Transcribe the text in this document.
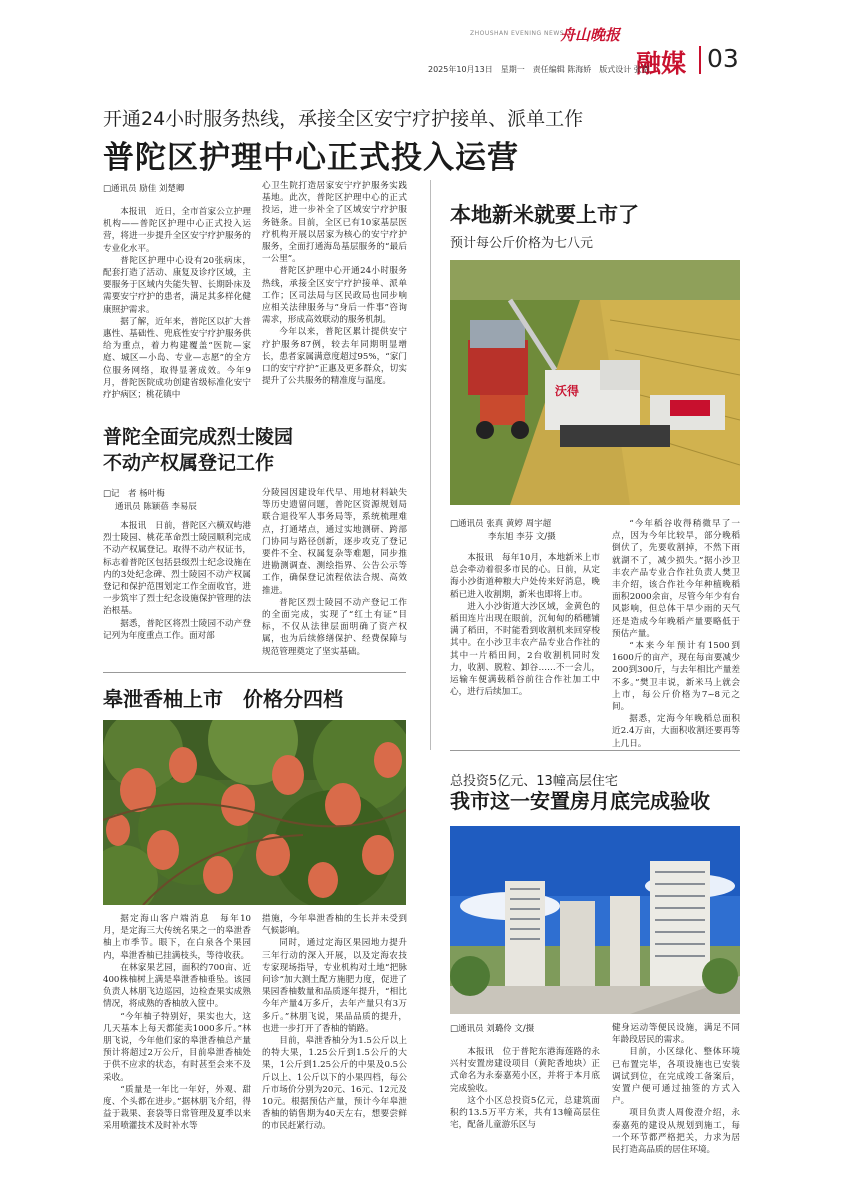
ZHOUSHAN EVENING NEWS
舟山晚报
融媒 03
2025年10月13日　星期一　责任编辑 陈海娇　版式设计 张贺
开通24小时服务热线，承接全区安宁疗护接单、派单工作
普陀区护理中心正式投入运营
□通讯员 励佳 刘楚卿

本报讯　近日，全市首家公立护理机构——普陀区护理中心正式投入运营，将进一步提升全区安宁疗护服务的专业化水平。

普陀区护理中心设有20张病床，配套打造了活动、康复及诊疗区域，主要服务于区域内失能失智、长期卧床及需要安宁疗护的患者，满足其多样化健康照护需求。

据了解，近年来，普陀区以扩大普惠性、基础性、兜底性安宁疗护服务供给为重点，着力构建覆盖“医院—家庭、城区—小岛、专业—志愿”的全方位服务网络，取得显著成效。今年9月，普陀医院成功创建省级标准化安宁疗护病区；桃花镇中

心卫生院打造居家安宁疗护服务实践基地。此次，普陀区护理中心的正式投运，进一步补全了区域安宁疗护服务链条。目前，全区已有10家基层医疗机构开展以居家为核心的安宁疗护服务，全面打通海岛基层服务的“最后一公里”。

普陀区护理中心开通24小时服务热线，承接全区安宁疗护接单、派单工作；区司法局与区民政局也同步响应相关法律服务与“身后一件事”咨询需求，形成高效联动的服务机制。

今年以来，普陀区累计提供安宁疗护服务87例，较去年同期明显增长，患者家属满意度超过95%，“家门口的安宁疗护”正惠及更多群众，切实提升了公共服务的精准度与温度。

普陀全面完成烈士陵园
不动产权属登记工作
□记　者 杨叶梅
通讯员 陈颖蓓 李易辰

本报讯　日前，普陀区六横双屿港烈士陵园、桃花革命烈士陵园顺利完成不动产权属登记。取得不动产权证书，标志着普陀区包括县级烈士纪念设施在内的3处纪念碑、烈士陵园不动产权属登记和保护范围划定工作全面收官，进一步筑牢了烈士纪念设施保护管理的法治根基。

据悉，普陀区将烈士陵园不动产登记列为年度重点工作。面对部

分陵园因建设年代早、用地材料缺失等历史遗留问题，普陀区资源规划局联合退役军人事务局等，系统梳理难点，打通堵点，通过实地测研、跨部门协同与路径创新，逐步攻克了登记要件不全、权属复杂等难题，同步推进勘测调查、测绘指界、公告公示等工作，确保登记流程依法合规、高效推进。

普陀区烈士陵园不动产登记工作的全面完成，实现了“红土有证”目标，不仅从法律层面明确了资产权属，也为后续修缮保护、经费保障与规范管理奠定了坚实基础。

皋泄香柚上市　价格分四档

据定海山客户端消息　每年10月，是定海三大传统名果之一的皋泄香柚上市季节。眼下，在白泉各个果园内，皋泄香柚已挂满枝头，等待收获。

在林家果艺园，面积约700亩、近400株柚树上满是皋泄香柚垂坠。该园负责人林朋飞边巡园，边检查果实成熟情况，将成熟的香柚放入筐中。

“今年柚子特别好，果实也大，这几天基本上每天都能卖1000多斤。”林朋飞说，今年他们家的皋泄香柚总产量预计将超过2万公斤，目前皋泄香柚处于供不应求的状态，有时甚至会来不及采收。

“质量是一年比一年好，外观、甜度、个头都在进步。”据林朋飞介绍，得益于栽果、套袋等日常管理及夏季以来采用喷灌技术及时补水等

措施，今年皋泄香柚的生长并未受到气候影响。

同时，通过定海区果园地力提升三年行动的深入开展，以及定海农技专家现场指导，专业机构对土地“把脉问诊”加大测土配方施肥力度，促进了果园香柚数量和品质逐年提升，“相比今年产量4万多斤，去年产量只有3万多斤。”林朋飞说，果品品质的提升，也进一步打开了香柚的销路。

目前，皋泄香柚分为1.5公斤以上的特大果，1.25公斤到1.5公斤的大果，1公斤到1.25公斤的中果及0.5公斤以上、1公斤以下的小果四档，每公斤市场价分别为20元、16元、12元及10元。根据预估产量，预计今年皋泄香柚的销售期为40天左右，想要尝鲜的市民赶紧行动。

本地新米就要上市了
预计每公斤价格为七八元
沃得
□通讯员 张真 黄婷 周宇超
李东旭 李芬 文/摄

本报讯　每年10月，本地新米上市总会牵动着很多市民的心。日前，从定海小沙街道种粮大户处传来好消息，晚稻已进入收割期，新米也即将上市。

进入小沙街道大沙区域，金黄色的稻田连片出现在眼前，沉甸甸的稻穗铺满了稻田，不时能看到收割机来回穿梭其中。在小沙卫丰农产品专业合作社的其中一片稻田间，2台收割机同时发力，收割、脱粒、卸谷……不一会儿，运输车便满载稻谷前往合作社加工中心，进行后续加工。

“今年稻谷收得稍微早了一点，因为今年比较旱，部分晚稻倒伏了，先要收割掉，不然下雨就湖不了，减少损失。”据小沙卫丰农产品专业合作社负责人樊卫丰介绍，该合作社今年种植晚稻面积2000余亩，尽管今年少有台风影响，但总体干旱少雨的天气还是造成今年晚稻产量要略低于预估产量。

“本来今年预计有1500到1600斤的亩产，现在每亩要减少200到300斤，与去年相比产量差不多。”樊卫丰说，新米马上就会上市，每公斤价格为7~8元之间。

据悉，定海今年晚稻总面积近2.4万亩，大面积收割还要再等上几日。

总投资5亿元、13幢高层住宅
我市这一安置房月底完成验收
□通讯员 刘璐伶 文/摄

本报讯　位于普陀东港海莲路的永兴村安置房建设项目（黄陀香地块）正式命名为永泰嘉苑小区，并将于本月底完成验收。

这个小区总投资5亿元，总建筑面积约13.5万平方米，共有13幢高层住宅，配备儿童游乐区与

健身运动等便民设施，满足不同年龄段居民的需求。

目前，小区绿化、整体环境已布置完毕，各项设施也已安装调试到位，在完成竣工备案后，安置户便可通过抽签的方式入户。

项目负责人周俊澄介绍，永泰嘉苑的建设从规划到施工，每一个环节都严格把关，力求为居民打造高品质的居住环境。
